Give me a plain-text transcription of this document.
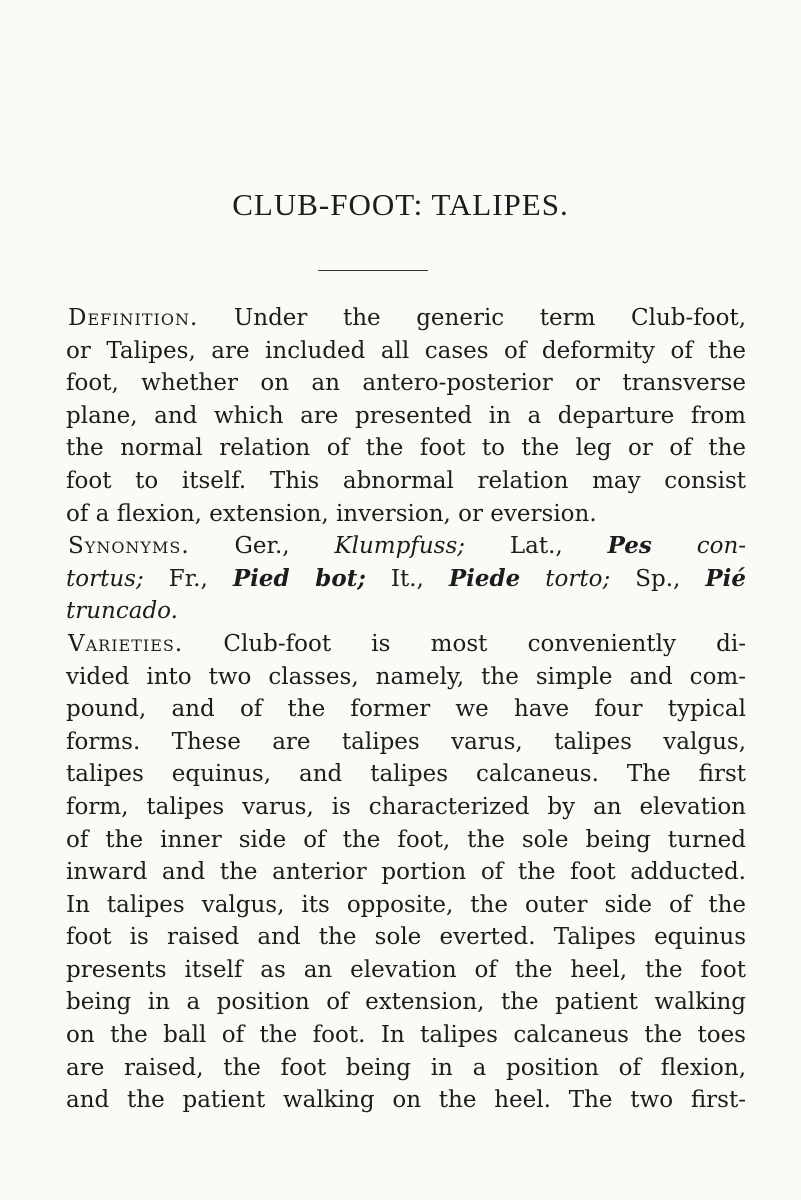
CLUB-FOOT: TALIPES.
Definition. Under the generic term Club-foot,
or Talipes, are included all cases of deformity of the
foot, whether on an antero-posterior or transverse
plane, and which are presented in a departure from
the normal relation of the foot to the leg or of the
foot to itself. This abnormal relation may consist
of a flexion, extension, inversion, or eversion.
Synonyms. Ger., Klumpfuss; Lat., Pes con-
tortus; Fr., Pied bot; It., Piede torto; Sp., Pié
truncado.
Varieties. Club-foot is most conveniently di-
vided into two classes, namely, the simple and com-
pound, and of the former we have four typical
forms. These are talipes varus, talipes valgus,
talipes equinus, and talipes calcaneus. The first
form, talipes varus, is characterized by an elevation
of the inner side of the foot, the sole being turned
inward and the anterior portion of the foot adducted.
In talipes valgus, its opposite, the outer side of the
foot is raised and the sole everted. Talipes equinus
presents itself as an elevation of the heel, the foot
being in a position of extension, the patient walking
on the ball of the foot. In talipes calcaneus the toes
are raised, the foot being in a position of flexion,
and the patient walking on the heel. The two first-
